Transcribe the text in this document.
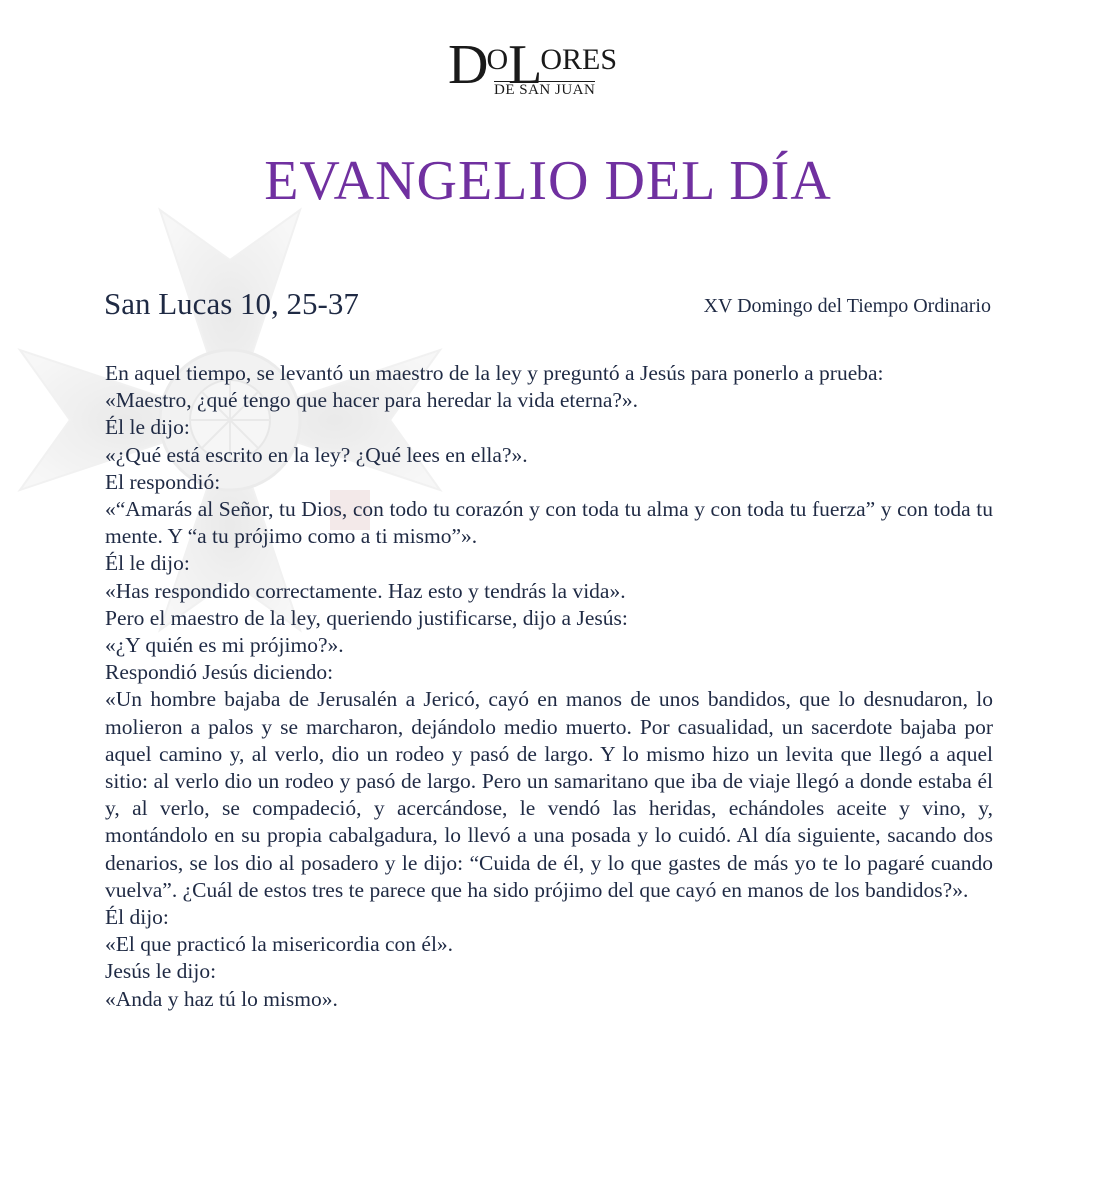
$D^OL^{ORES}$
DE SAN JUAN
EVANGELIO DEL DÍA
San Lucas 10, 25-37	XV Domingo del Tiempo Ordinario

En aquel tiempo, se levantó un maestro de la ley y preguntó a Jesús para ponerlo a prueba:

«Maestro, ¿qué tengo que hacer para heredar la vida eterna?».

Él le dijo:

«¿Qué está escrito en la ley? ¿Qué lees en ella?».

El respondió:

«“Amarás al Señor, tu Dios, con todo tu corazón y con toda tu alma y con toda tu fuerza” y con toda tu mente. Y “a tu prójimo como a ti mismo”».

Él le dijo:

«Has respondido correctamente. Haz esto y tendrás la vida».

Pero el maestro de la ley, queriendo justificarse, dijo a Jesús:

«¿Y quién es mi prójimo?».

Respondió Jesús diciendo:

«Un hombre bajaba de Jerusalén a Jericó, cayó en manos de unos bandidos, que lo desnudaron, lo molieron a palos y se marcharon, dejándolo medio muerto. Por casualidad, un sacerdote bajaba por aquel camino y, al verlo, dio un rodeo y pasó de largo. Y lo mismo hizo un levita que llegó a aquel sitio: al verlo dio un rodeo y pasó de largo. Pero un samaritano que iba de viaje llegó a donde estaba él y, al verlo, se compadeció, y acercándose, le vendó las heridas, echándoles aceite y vino, y, montándolo en su propia cabalgadura, lo llevó a una posada y lo cuidó. Al día siguiente, sacando dos denarios, se los dio al posadero y le dijo: “Cuida de él, y lo que gastes de más yo te lo pagaré cuando vuelva”. ¿Cuál de estos tres te parece que ha sido prójimo del que cayó en manos de los bandidos?».

Él dijo:

«El que practicó la misericordia con él».

Jesús le dijo:

«Anda y haz tú lo mismo».
